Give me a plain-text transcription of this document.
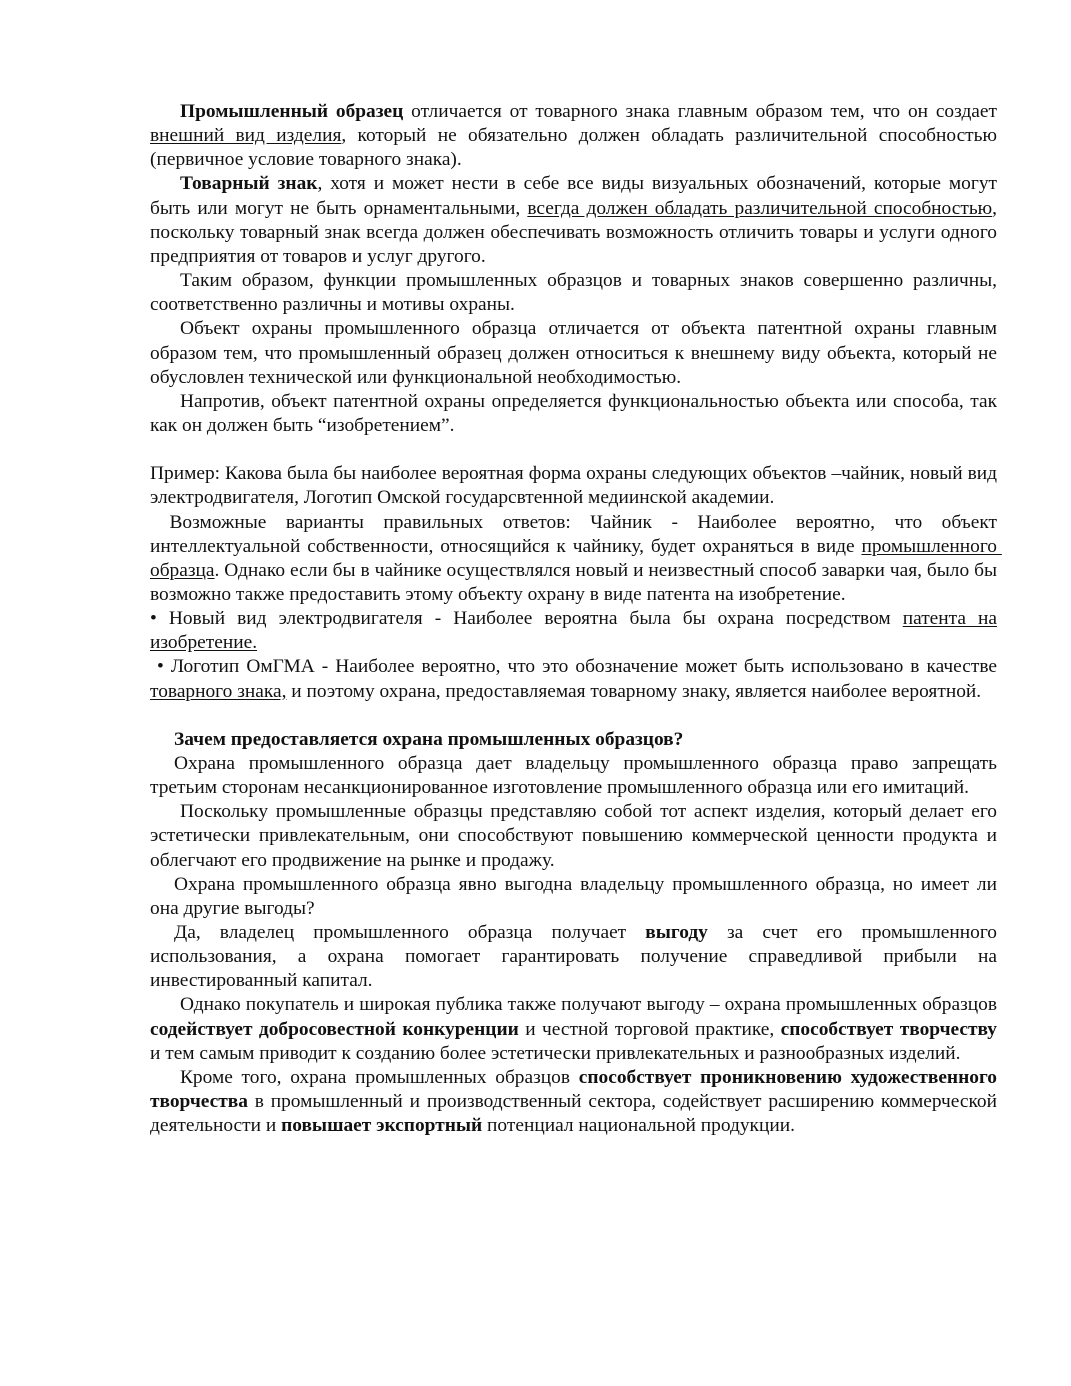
Промышленный образец отличается от товарного знака главным образом тем, что он создает внешний вид изделия, который не обязательно должен обладать различительной способностью (первичное условие товарного знака).

Товарный знак, хотя и может нести в себе все виды визуальных обозначений, которые могут быть или могут не быть орнаментальными, всегда должен обладать различительной способностью, поскольку товарный знак всегда должен обеспечивать возможность отличить товары и услуги одного предприятия от товаров и услуг другого.

Таким образом, функции промышленных образцов и товарных знаков совершенно различны, соответственно различны и мотивы охраны.

Объект охраны промышленного образца отличается от объекта патентной охраны главным образом тем, что промышленный образец должен относиться к внешнему виду объекта, который не обусловлен технической или функциональной необходимостью.

Напротив, объект патентной охраны определяется функциональностью объекта или способа, так как он должен быть “изобретением”.

Пример: Какова была бы наиболее вероятная форма охраны следующих объектов –чайник, новый вид электродвигателя, Логотип Омской государсвтенной медиинской академии.

Возможные варианты правильных ответов: Чайник - Наиболее вероятно, что объект интеллектуальной собственности, относящийся к чайнику, будет охраняться в виде промышленного образца. Однако если бы в чайнике осуществлялся новый и неизвестный способ заварки чая, было бы возможно также предоставить этому объекту охрану в виде патента на изобретение.

• Новый вид электродвигателя - Наиболее вероятна была бы охрана посредством патента на изобретение.

• Логотип ОмГМА - Наиболее вероятно, что это обозначение может быть использовано в качестве товарного знака, и поэтому охрана, предоставляемая товарному знаку, является наиболее вероятной.

Зачем предоставляется охрана промышленных образцов?

Охрана промышленного образца дает владельцу промышленного образца право запрещать третьим сторонам несанкционированное изготовление промышленного образца или его имитаций.

Поскольку промышленные образцы представляю собой тот аспект изделия, который делает его эстетически привлекательным, они способствуют повышению коммерческой ценности продукта и облегчают его продвижение на рынке и продажу.

Охрана промышленного образца явно выгодна владельцу промышленного образца, но имеет ли она другие выгоды?

Да, владелец промышленного образца получает выгоду за счет его промышленного использования, а охрана помогает гарантировать получение справедливой прибыли на инвестированный капитал.

Однако покупатель и широкая публика также получают выгоду – охрана промышленных образцов содействует добросовестной конкуренции и честной торговой практике, способствует творчеству и тем самым приводит к созданию более эстетически привлекательных и разнообразных изделий.

Кроме того, охрана промышленных образцов способствует проникновению художественного творчества в промышленный и производственный сектора, содействует расширению коммерческой деятельности и повышает экспортный потенциал национальной продукции.
